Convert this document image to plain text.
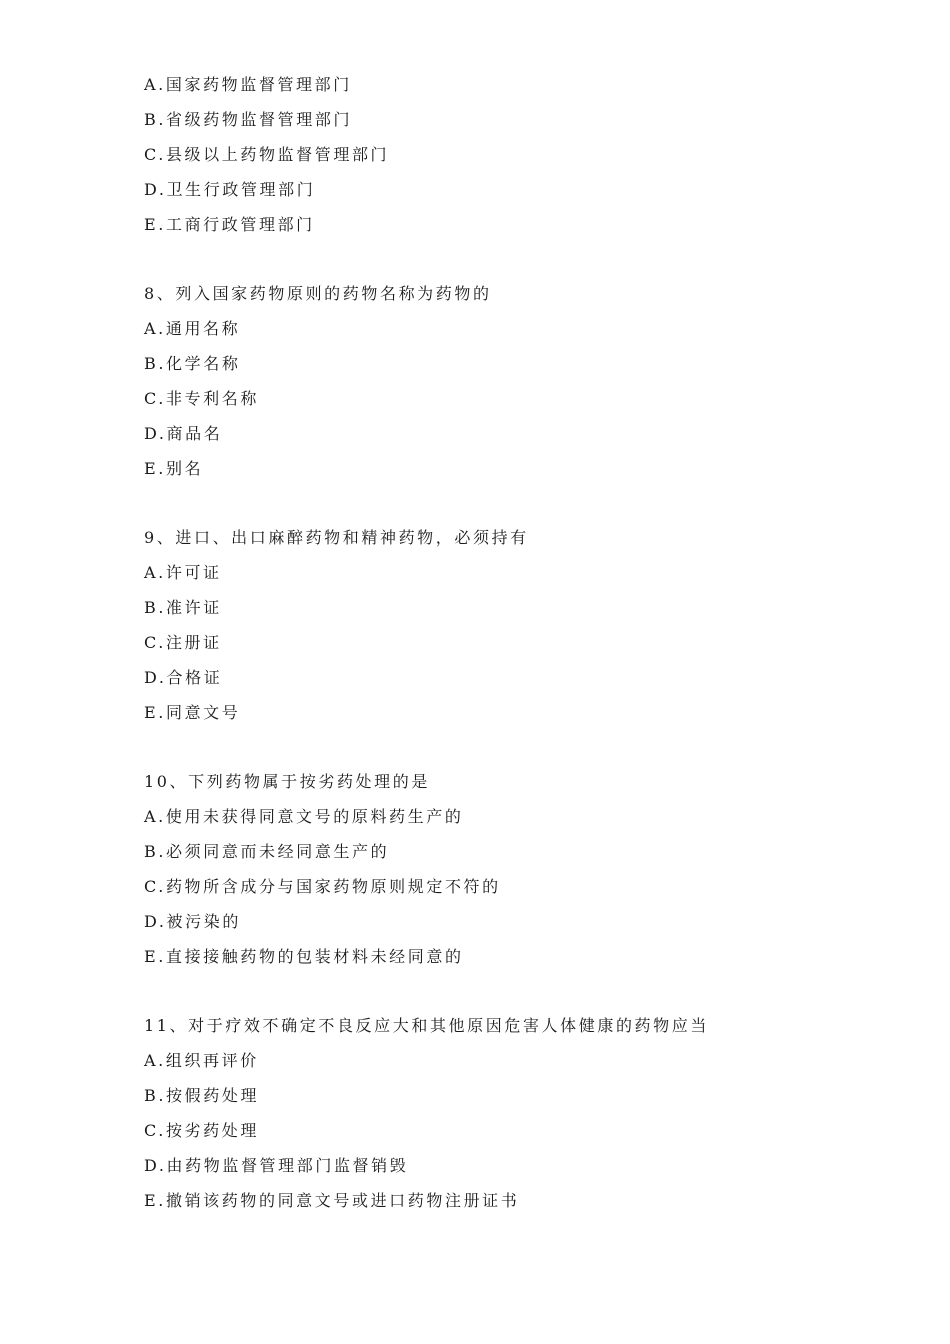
A.国家药物监督管理部门
B.省级药物监督管理部门
C.县级以上药物监督管理部门
D.卫生行政管理部门
E.工商行政管理部门
8、列入国家药物原则的药物名称为药物的
A.通用名称
B.化学名称
C.非专利名称
D.商品名
E.别名
9、进口、出口麻醉药物和精神药物，必须持有
A.许可证
B.准许证
C.注册证
D.合格证
E.同意文号
10、下列药物属于按劣药处理的是
A.使用未获得同意文号的原料药生产的
B.必须同意而未经同意生产的
C.药物所含成分与国家药物原则规定不符的
D.被污染的
E.直接接触药物的包装材料未经同意的
11、对于疗效不确定不良反应大和其他原因危害人体健康的药物应当
A.组织再评价
B.按假药处理
C.按劣药处理
D.由药物监督管理部门监督销毁
E.撤销该药物的同意文号或进口药物注册证书
